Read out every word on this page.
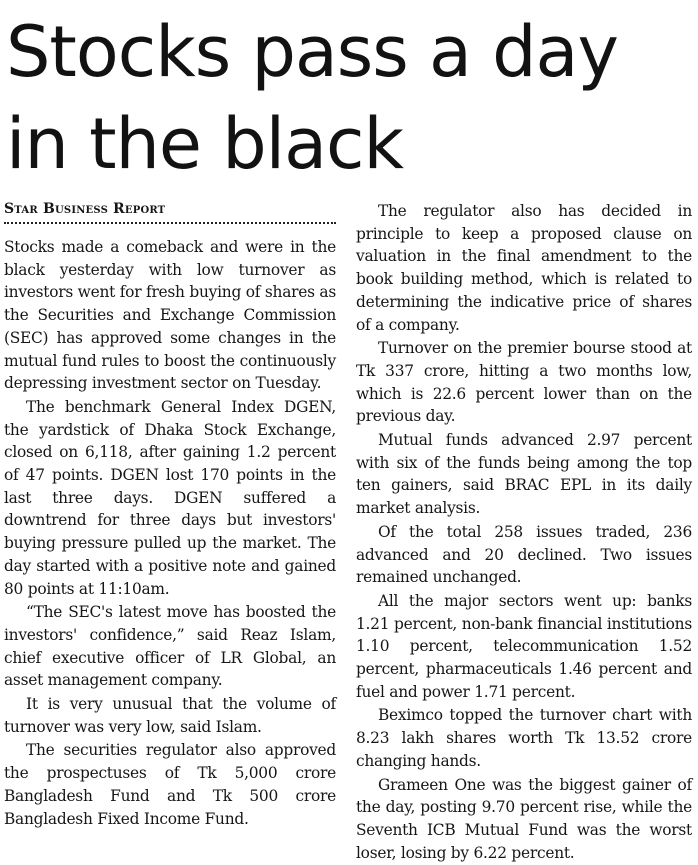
Stocks pass a day in the black
Star Business Report

Stocks made a comeback and were in the black yesterday with low turnover as investors went for fresh buying of shares as the Securities and Exchange Commission (SEC) has approved some changes in the mutual fund rules to boost the continuously depressing investment sector on Tuesday.

The benchmark General Index DGEN, the yardstick of Dhaka Stock Exchange, closed on 6,118, after gaining 1.2 percent of 47 points. DGEN lost 170 points in the last three days. DGEN suffered a downtrend for three days but investors' buying pressure pulled up the market. The day started with a positive note and gained 80 points at 11:10am.

“The SEC's latest move has boosted the investors' confidence,” said Reaz Islam, chief executive officer of LR Global, an asset management company.

It is very unusual that the volume of turnover was very low, said Islam.

The securities regulator also approved the prospectuses of Tk 5,000 crore Bangladesh Fund and Tk 500 crore Bangladesh Fixed Income Fund.

The regulator also has decided in principle to keep a proposed clause on valuation in the final amendment to the book building method, which is related to determining the indicative price of shares of a company.

Turnover on the premier bourse stood at Tk 337 crore, hitting a two months low, which is 22.6 percent lower than on the previous day.

Mutual funds advanced 2.97 percent with six of the funds being among the top ten gainers, said BRAC EPL in its daily market analysis.

Of the total 258 issues traded, 236 advanced and 20 declined. Two issues remained unchanged.

All the major sectors went up: banks 1.21 percent, non-bank financial institutions 1.10 percent, telecommunication 1.52 percent, pharmaceuticals 1.46 percent and fuel and power 1.71 percent.

Beximco topped the turnover chart with 8.23 lakh shares worth Tk 13.52 crore changing hands.

Grameen One was the biggest gainer of the day, posting 9.70 percent rise, while the Seventh ICB Mutual Fund was the worst loser, losing by 6.22 percent.
